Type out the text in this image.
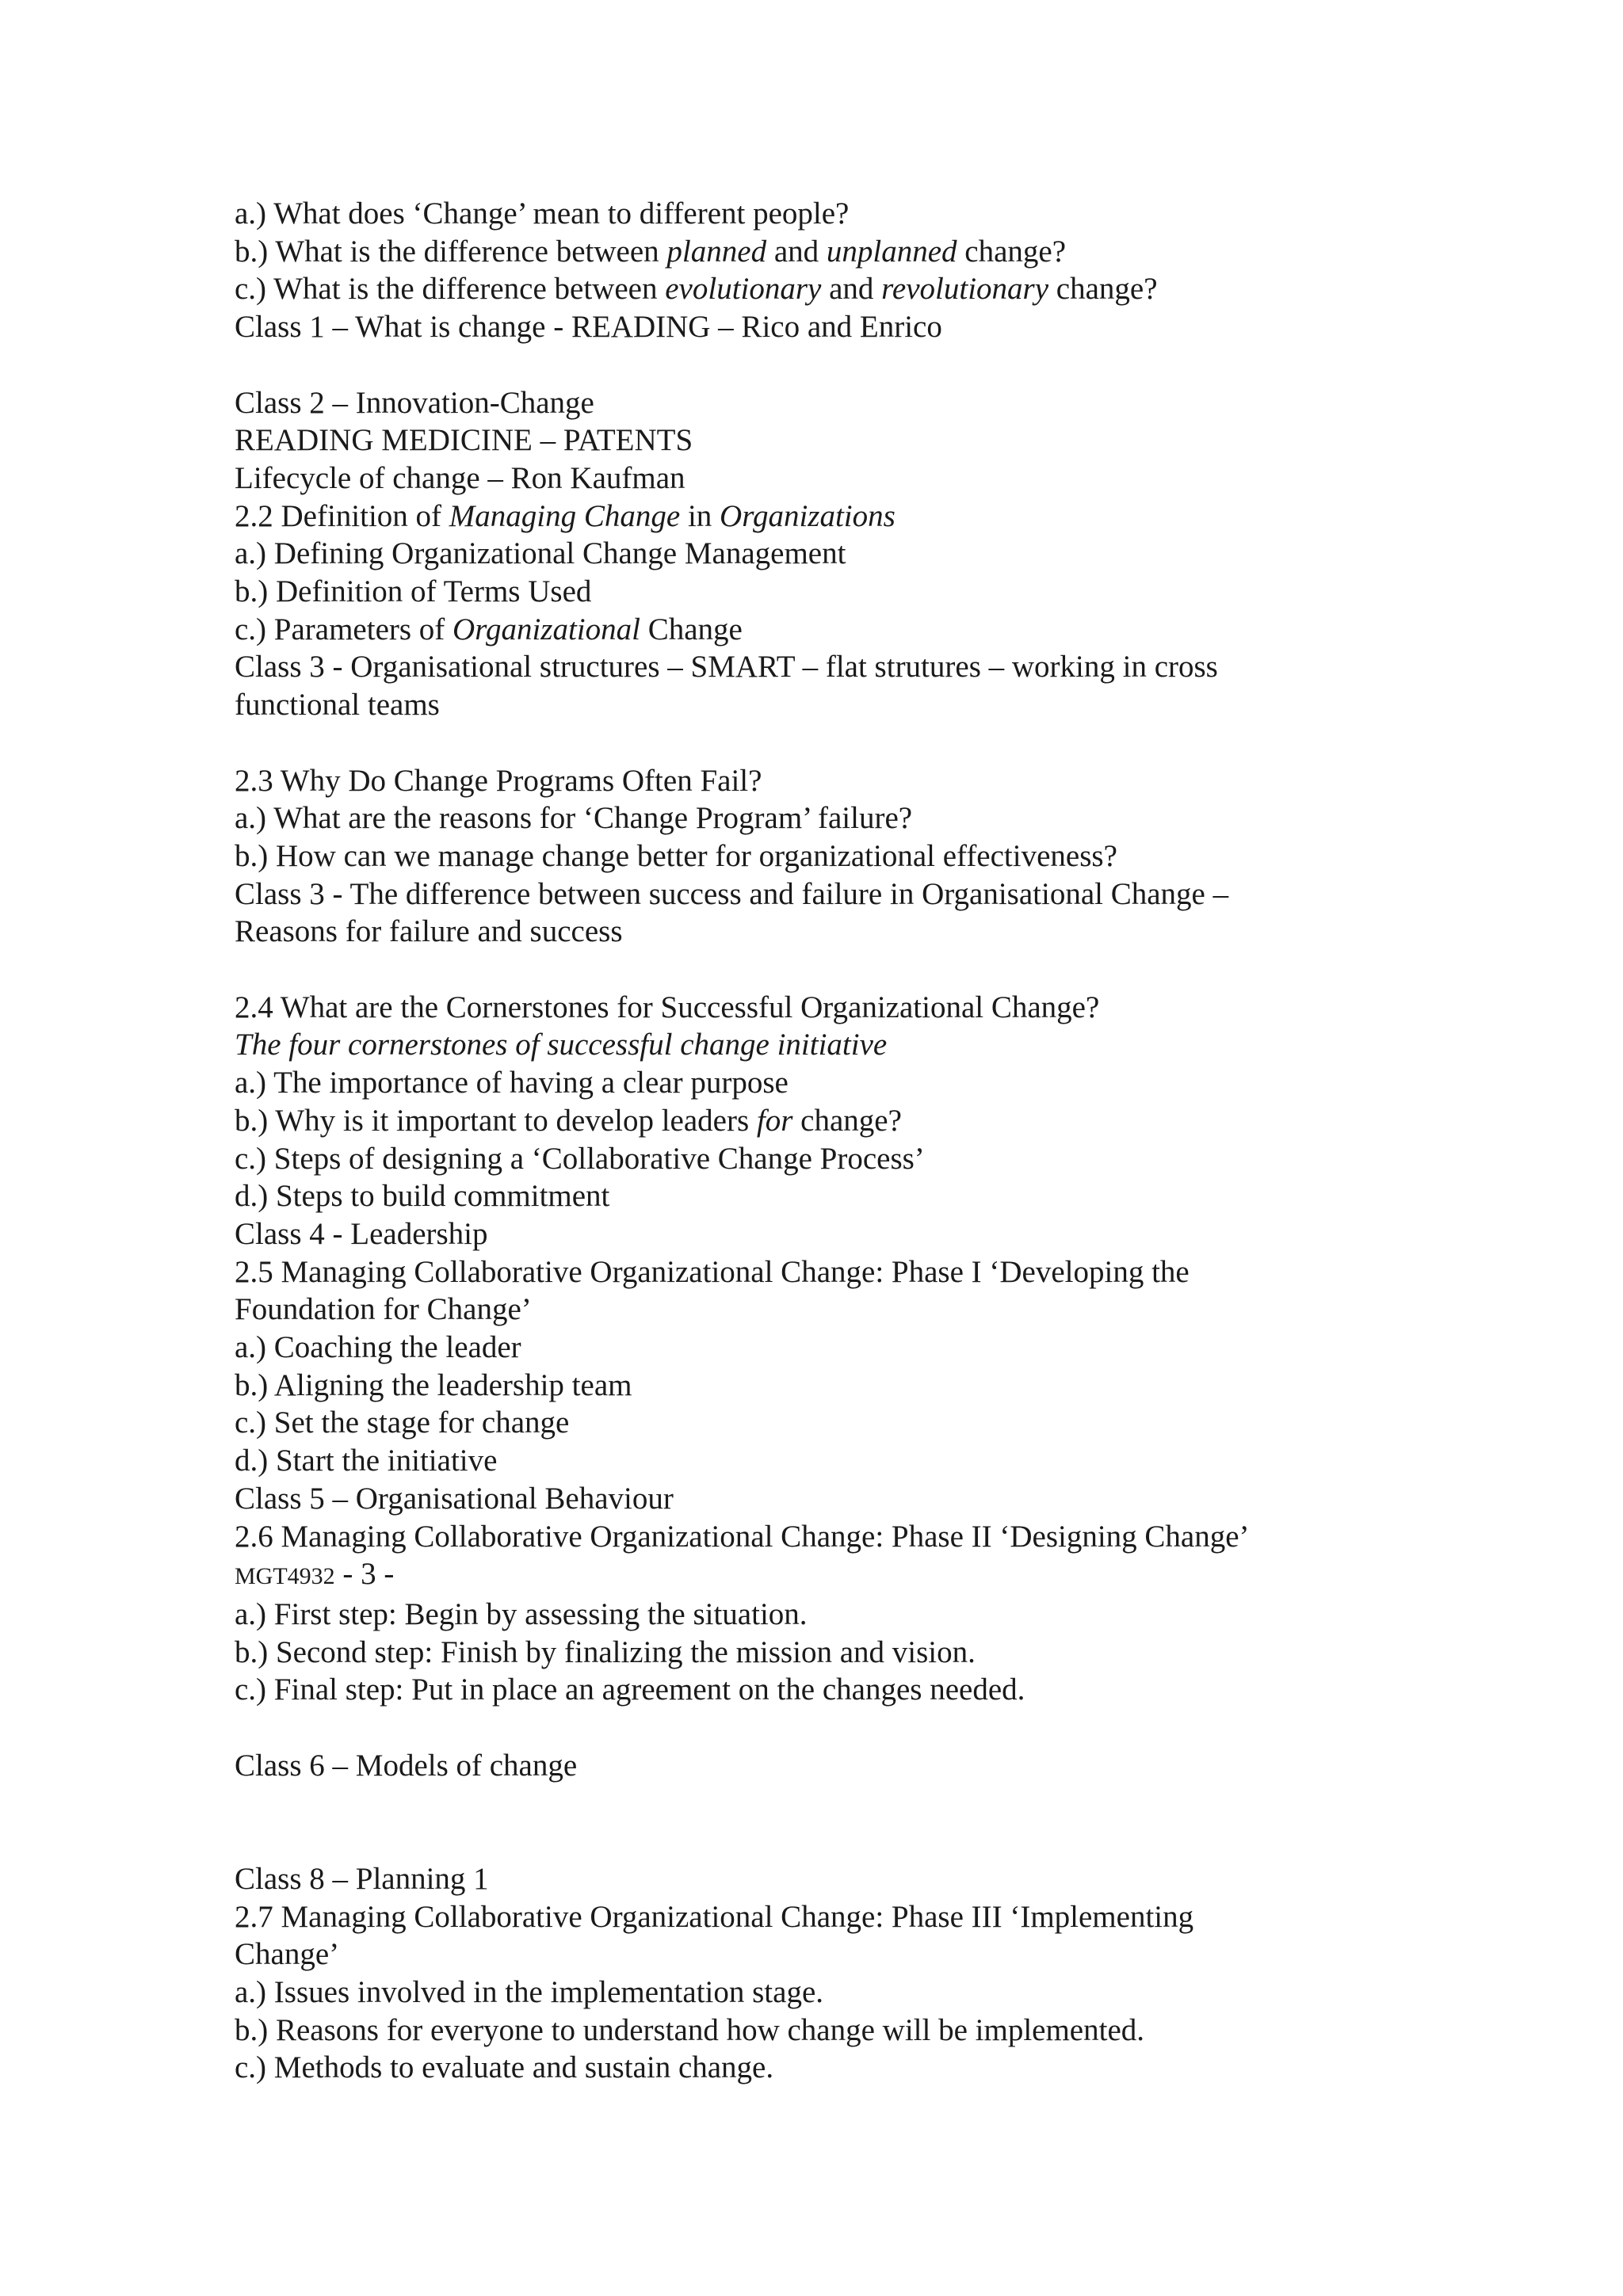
a.) What does ‘Change’ mean to different people?
b.) What is the difference between planned and unplanned change?
c.) What is the difference between evolutionary and revolutionary change?
Class 1 – What is change - READING – Rico and Enrico
Class 2 – Innovation-Change
READING MEDICINE – PATENTS
Lifecycle of change – Ron Kaufman
2.2 Definition of Managing Change in Organizations
a.) Defining Organizational Change Management
b.) Definition of Terms Used
c.) Parameters of Organizational Change
Class 3 - Organisational structures – SMART – flat strutures – working in cross
functional teams
2.3 Why Do Change Programs Often Fail?
a.) What are the reasons for ‘Change Program’ failure?
b.) How can we manage change better for organizational effectiveness?
Class 3 - The difference between success and failure in Organisational Change –
Reasons for failure and success
2.4 What are the Cornerstones for Successful Organizational Change?
The four cornerstones of successful change initiative
a.) The importance of having a clear purpose
b.) Why is it important to develop leaders for change?
c.) Steps of designing a ‘Collaborative Change Process’
d.) Steps to build commitment
Class 4 - Leadership
2.5 Managing Collaborative Organizational Change: Phase I ‘Developing the
Foundation for Change’
a.) Coaching the leader
b.) Aligning the leadership team
c.) Set the stage for change
d.) Start the initiative
Class 5 – Organisational Behaviour
2.6 Managing Collaborative Organizational Change: Phase II ‘Designing Change’
MGT4932 - 3 -
a.) First step: Begin by assessing the situation.
b.) Second step: Finish by finalizing the mission and vision.
c.) Final step: Put in place an agreement on the changes needed.
Class 6 – Models of change
Class 8 – Planning 1
2.7 Managing Collaborative Organizational Change: Phase III ‘Implementing
Change’
a.) Issues involved in the implementation stage.
b.) Reasons for everyone to understand how change will be implemented.
c.) Methods to evaluate and sustain change.
